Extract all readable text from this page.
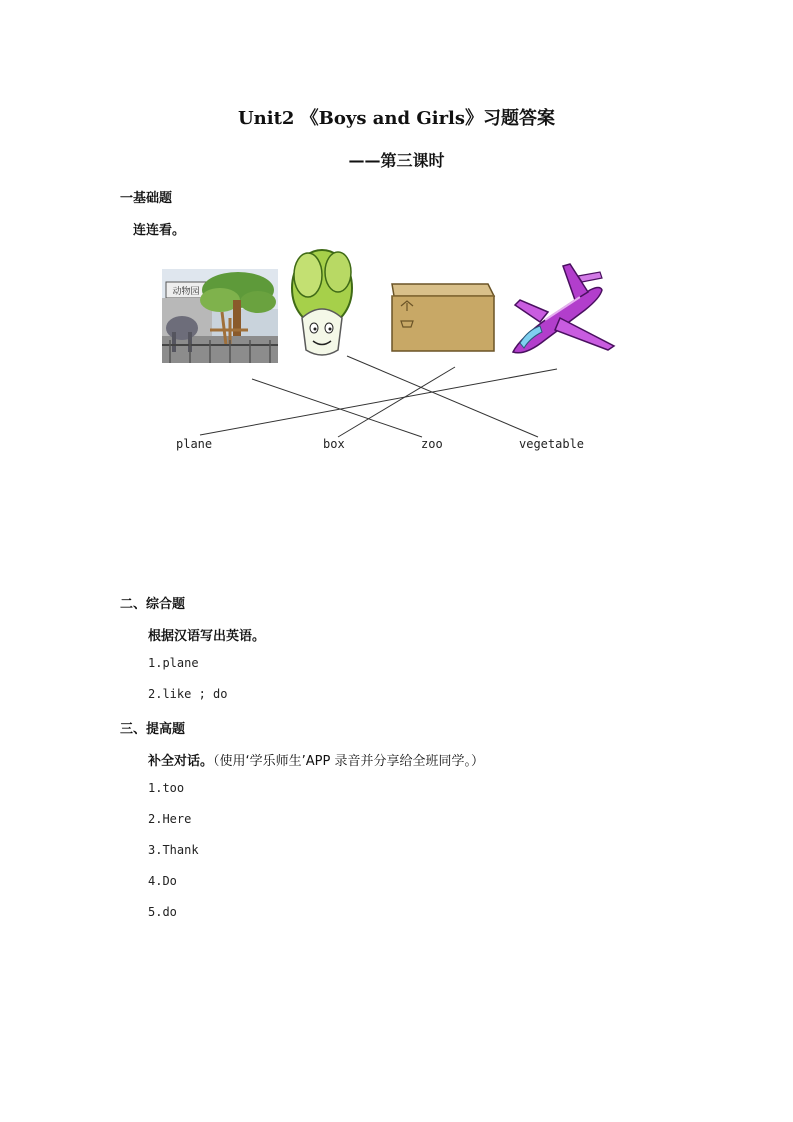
Unit2 《Boys and Girls》习题答案
——第三课时
一基础题
连连看。
动物园
plane	box	zoo	vegetable
二、综合题
根据汉语写出英语。
1.plane
2.like ; do
三、提高题
补全对话。（使用‘学乐师生’APP 录音并分享给全班同学。）
1.too
2.Here
3.Thank
4.Do
5.do
